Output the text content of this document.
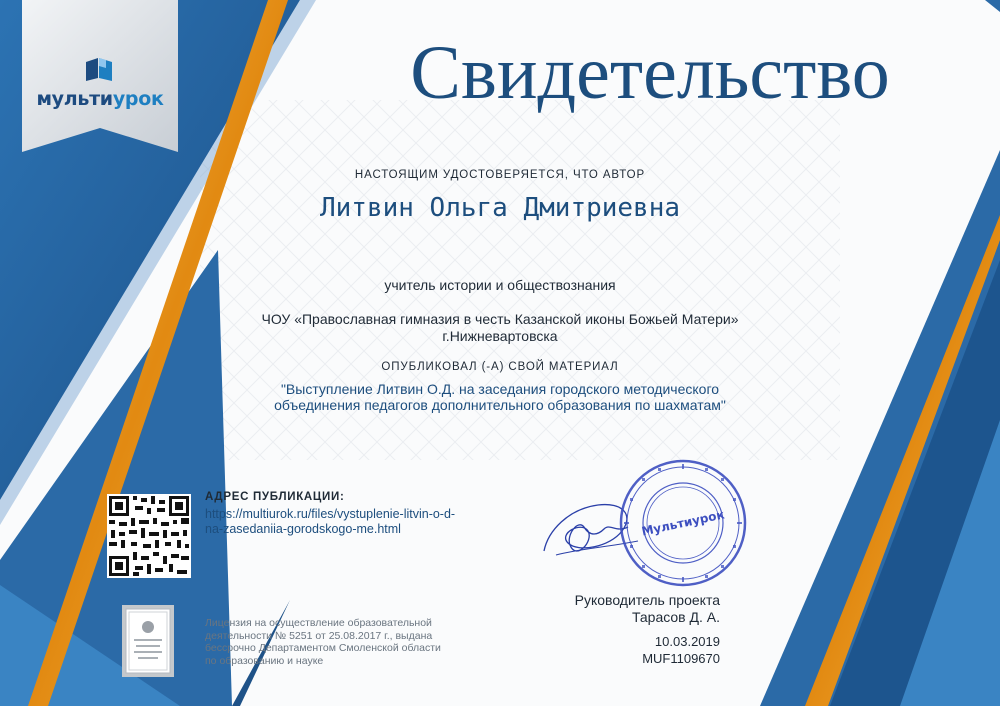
мультиурок	Свидетельство
НАСТОЯЩИМ УДОСТОВЕРЯЕТСЯ, ЧТО АВТОР
Литвин Ольга Дмитриевна
учитель истории и обществознания
ЧОУ «Православная гимназия в честь Казанской иконы Божьей Матери»
г.Нижневартовска
ОПУБЛИКОВАЛ (-А) СВОЙ МАТЕРИАЛ
"Выступление Литвин О.Д. на заседания городского методического
объединения педагогов дополнительного образования по шахматам"
АДРЕС ПУБЛИКАЦИИ:
https://multiurok.ru/files/vystuplenie-litvin-o-d-
na-zasedaniia-gorodskogo-me.html
Лицензия на осуществление образовательной
деятельности № 5251 от 25.08.2017 г., выдана
бессрочно Департаментом Смоленской области
по образованию и науке
Мультиурок
Руководитель проекта
Тарасов Д. А.
10.03.2019
MUF1109670
